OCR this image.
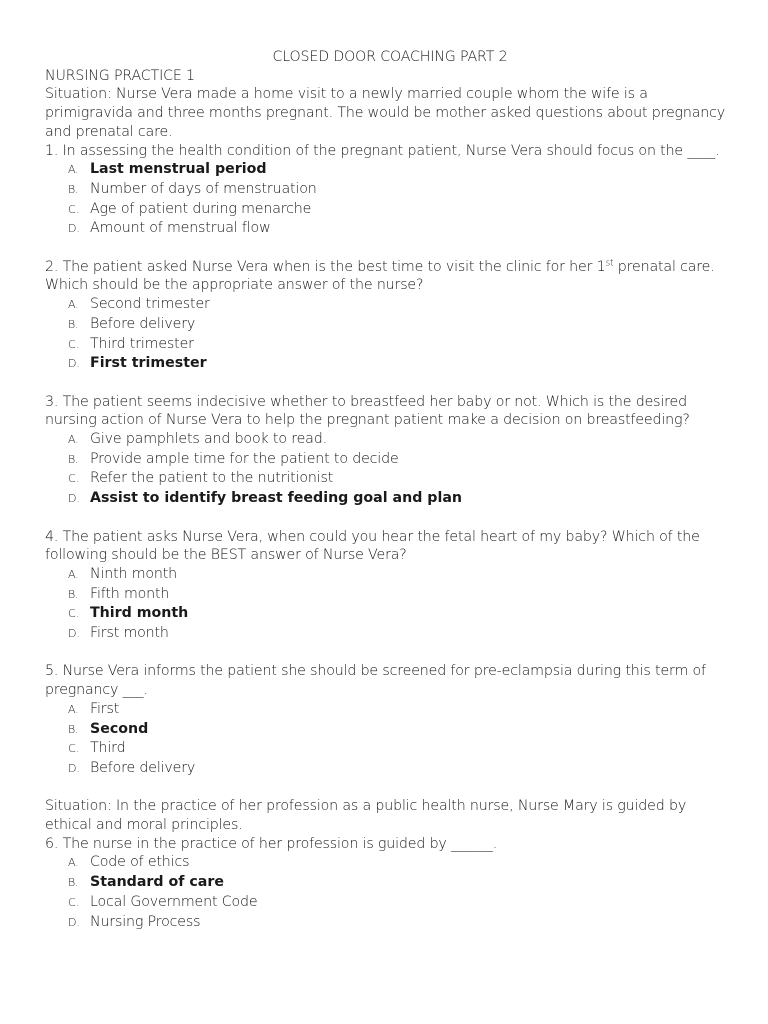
CLOSED DOOR COACHING PART 2
NURSING PRACTICE 1
Situation: Nurse Vera made a home visit to a newly married couple whom the wife is a primigravida and three months pregnant. The would be mother asked questions about pregnancy and prenatal care.
1. In assessing the health condition of the pregnant patient, Nurse Vera should focus on the ____.
A. Last menstrual period
B. Number of days of menstruation
C. Age of patient during menarche
D. Amount of menstrual flow
2. The patient asked Nurse Vera when is the best time to visit the clinic for her 1st prenatal care. Which should be the appropriate answer of the nurse?
A. Second trimester
B. Before delivery
C. Third trimester
D. First trimester
3. The patient seems indecisive whether to breastfeed her baby or not. Which is the desired nursing action of Nurse Vera to help the pregnant patient make a decision on breastfeeding?
A. Give pamphlets and book to read.
B. Provide ample time for the patient to decide
C. Refer the patient to the nutritionist
D. Assist to identify breast feeding goal and plan
4. The patient asks Nurse Vera, when could you hear the fetal heart of my baby? Which of the following should be the BEST answer of Nurse Vera?
A. Ninth month
B. Fifth month
C. Third month
D. First month
5. Nurse Vera informs the patient she should be screened for pre-eclampsia during this term of pregnancy ___.
A. First
B. Second
C. Third
D. Before delivery
Situation: In the practice of her profession as a public health nurse, Nurse Mary is guided by ethical and moral principles.
6. The nurse in the practice of her profession is guided by ______.
A. Code of ethics
B. Standard of care
C. Local Government Code
D. Nursing Process
